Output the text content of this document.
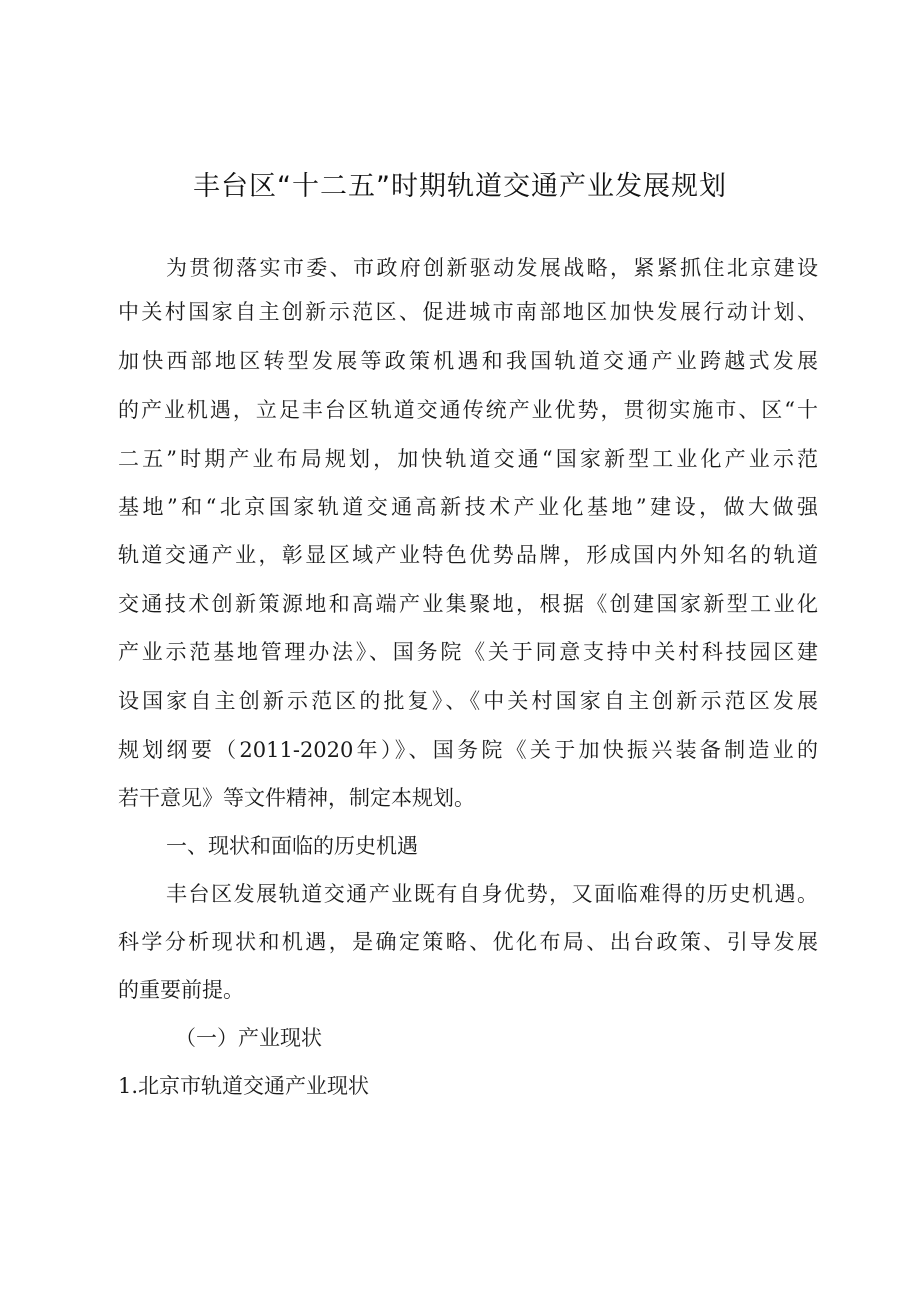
丰台区“十二五”时期轨道交通产业发展规划

为贯彻落实市委、市政府创新驱动发展战略，紧紧抓住北京建设

中关村国家自主创新示范区、促进城市南部地区加快发展行动计划、

加快西部地区转型发展等政策机遇和我国轨道交通产业跨越式发展

的产业机遇，立足丰台区轨道交通传统产业优势，贯彻实施市、区“十

二五”时期产业布局规划，加快轨道交通“国家新型工业化产业示范

基地”和“北京国家轨道交通高新技术产业化基地”建设，做大做强

轨道交通产业，彰显区域产业特色优势品牌，形成国内外知名的轨道

交通技术创新策源地和高端产业集聚地，根据《创建国家新型工业化

产业示范基地管理办法》、国务院《关于同意支持中关村科技园区建

设国家自主创新示范区的批复》、《中关村国家自主创新示范区发展

规划纲要（2011-2020年）》、国务院《关于加快振兴装备制造业的

若干意见》等文件精神，制定本规划。

一、现状和面临的历史机遇

丰台区发展轨道交通产业既有自身优势，又面临难得的历史机遇。

科学分析现状和机遇，是确定策略、优化布局、出台政策、引导发展

的重要前提。

（一）产业现状
1.北京市轨道交通产业现状
